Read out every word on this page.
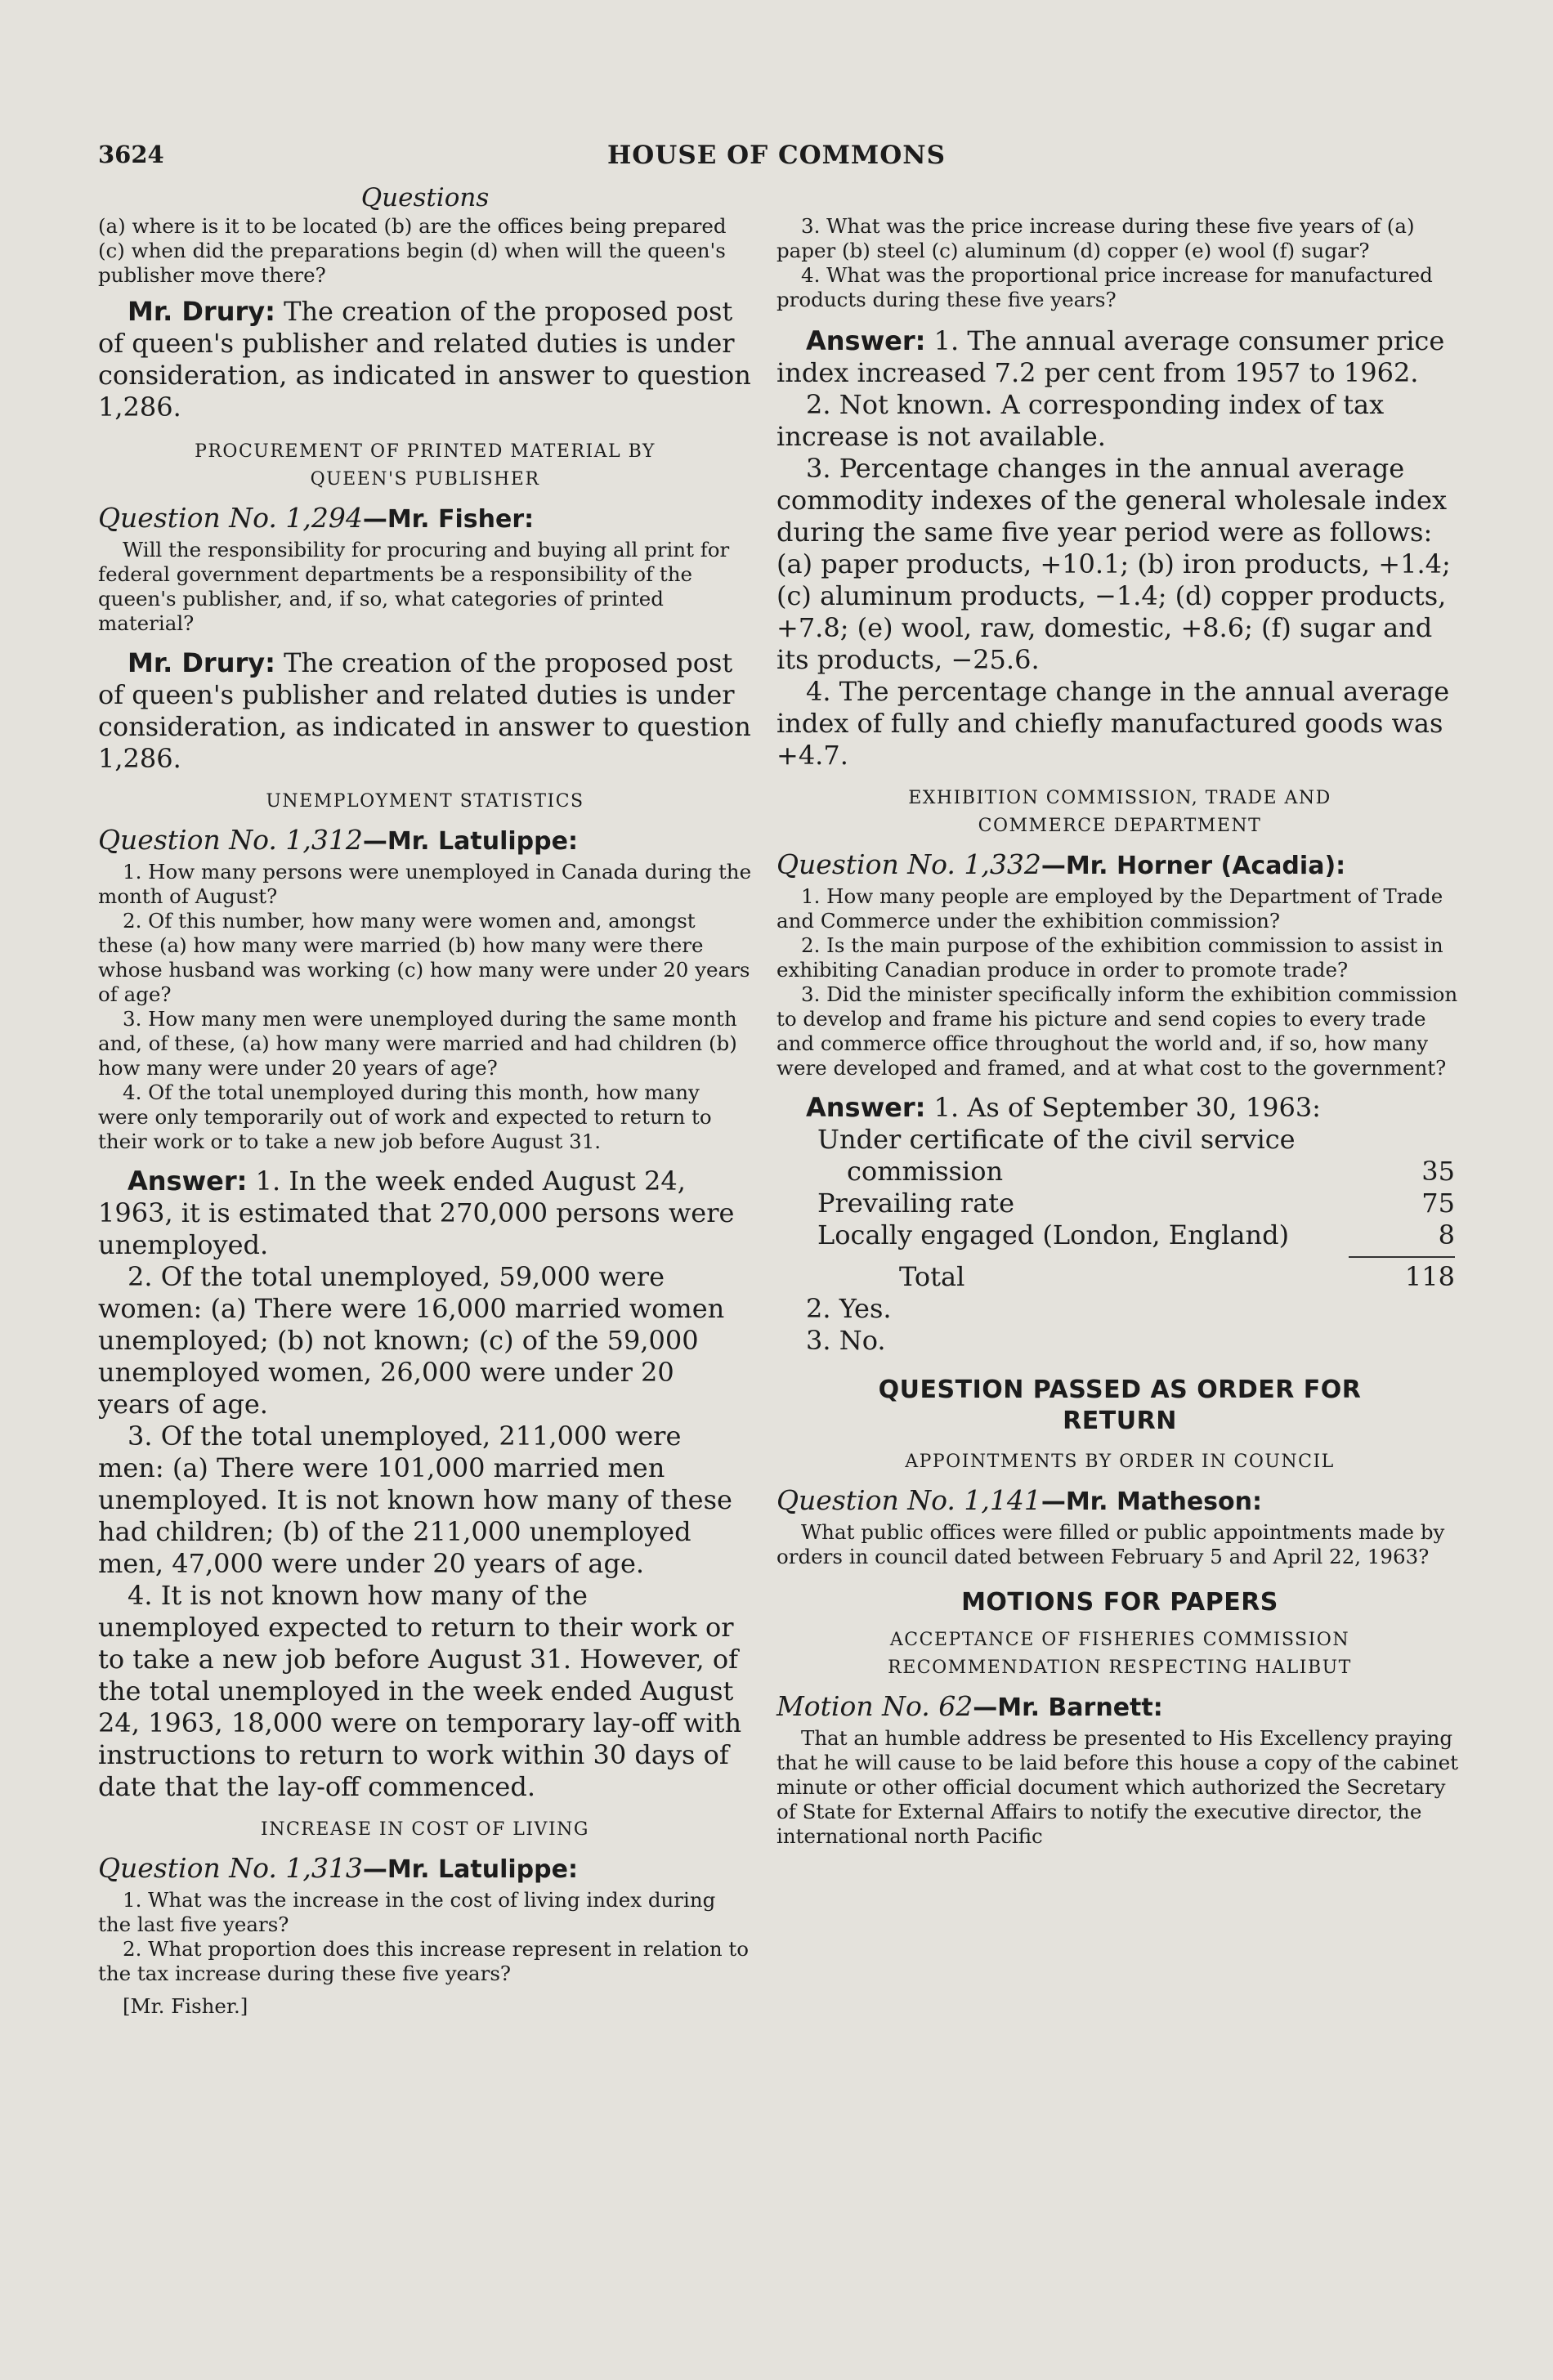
3624	HOUSE OF COMMONS

Questions

(a) where is it to be located (b) are the offices being prepared (c) when did the preparations begin (d) when will the queen's publisher move there?

Mr. Drury: The creation of the proposed post of queen's publisher and related duties is under consideration, as indicated in answer to question 1,286.

PROCUREMENT OF PRINTED MATERIAL BY

QUEEN'S PUBLISHER

Question No. 1,294—Mr. Fisher:

Will the responsibility for procuring and buying all print for federal government departments be a responsibility of the queen's publisher, and, if so, what categories of printed material?

Mr. Drury: The creation of the proposed post of queen's publisher and related duties is under consideration, as indicated in answer to question 1,286.

UNEMPLOYMENT STATISTICS

Question No. 1,312—Mr. Latulippe:

1. How many persons were unemployed in Canada during the month of August?

2. Of this number, how many were women and, amongst these (a) how many were married (b) how many were there whose husband was working (c) how many were under 20 years of age?

3. How many men were unemployed during the same month and, of these, (a) how many were married and had children (b) how many were under 20 years of age?

4. Of the total unemployed during this month, how many were only temporarily out of work and expected to return to their work or to take a new job before August 31.

Answer: 1. In the week ended August 24, 1963, it is estimated that 270,000 persons were unemployed.

2. Of the total unemployed, 59,000 were women: (a) There were 16,000 married women unemployed; (b) not known; (c) of the 59,000 unemployed women, 26,000 were under 20 years of age.

3. Of the total unemployed, 211,000 were men: (a) There were 101,000 married men unemployed. It is not known how many of these had children; (b) of the 211,000 unemployed men, 47,000 were under 20 years of age.

4. It is not known how many of the unemployed expected to return to their work or to take a new job before August 31. However, of the total unemployed in the week ended August 24, 1963, 18,000 were on temporary lay-off with instructions to return to work within 30 days of date that the lay-off commenced.

INCREASE IN COST OF LIVING

Question No. 1,313—Mr. Latulippe:

1. What was the increase in the cost of living index during the last five years?

2. What proportion does this increase represent in relation to the tax increase during these five years?

[Mr. Fisher.]

3. What was the price increase during these five years of (a) paper (b) steel (c) aluminum (d) copper (e) wool (f) sugar?

4. What was the proportional price increase for manufactured products during these five years?

Answer: 1. The annual average consumer price index increased 7.2 per cent from 1957 to 1962.

2. Not known. A corresponding index of tax increase is not available.

3. Percentage changes in the annual average commodity indexes of the general wholesale index during the same five year period were as follows: (a) paper products, +10.1; (b) iron products, +1.4; (c) aluminum products, −1.4; (d) copper products, +7.8; (e) wool, raw, domestic, +8.6; (f) sugar and its products, −25.6.

4. The percentage change in the annual average index of fully and chiefly manufactured goods was +4.7.

EXHIBITION COMMISSION, TRADE AND

COMMERCE DEPARTMENT

Question No. 1,332—Mr. Horner (Acadia):

1. How many people are employed by the Department of Trade and Commerce under the exhibition commission?

2. Is the main purpose of the exhibition commission to assist in exhibiting Canadian produce in order to promote trade?

3. Did the minister specifically inform the exhibition commission to develop and frame his picture and send copies to every trade and commerce office throughout the world and, if so, how many were developed and framed, and at what cost to the government?

Answer: 1. As of September 30, 1963:

Under certificate of the civil service
commission	35
Prevailing rate	75
Locally engaged (London, England)	8
Total	118

2. Yes.

3. No.

QUESTION PASSED AS ORDER FOR

RETURN

APPOINTMENTS BY ORDER IN COUNCIL

Question No. 1,141—Mr. Matheson:

What public offices were filled or public appointments made by orders in council dated between February 5 and April 22, 1963?

MOTIONS FOR PAPERS

ACCEPTANCE OF FISHERIES COMMISSION

RECOMMENDATION RESPECTING HALIBUT

Motion No. 62—Mr. Barnett:

That an humble address be presented to His Excellency praying that he will cause to be laid before this house a copy of the cabinet minute or other official document which authorized the Secretary of State for External Affairs to notify the executive director, the international north Pacific
